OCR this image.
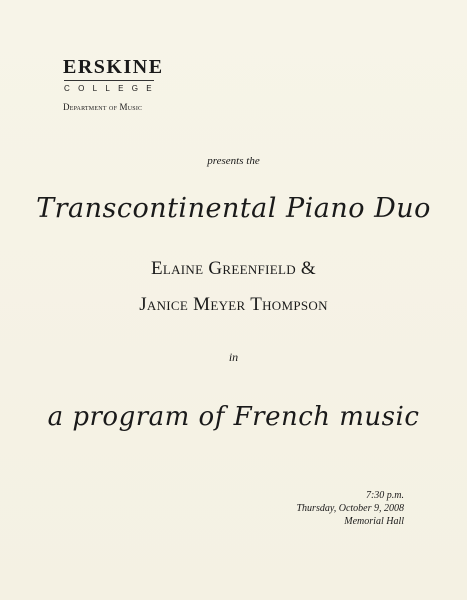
ERSKINE
COLLEGE
Department of Music
presents the
Transcontinental Piano Duo
Elaine Greenfield &
Janice Meyer Thompson
in
a program of French music
7:30 p.m.
Thursday, October 9, 2008
Memorial Hall
